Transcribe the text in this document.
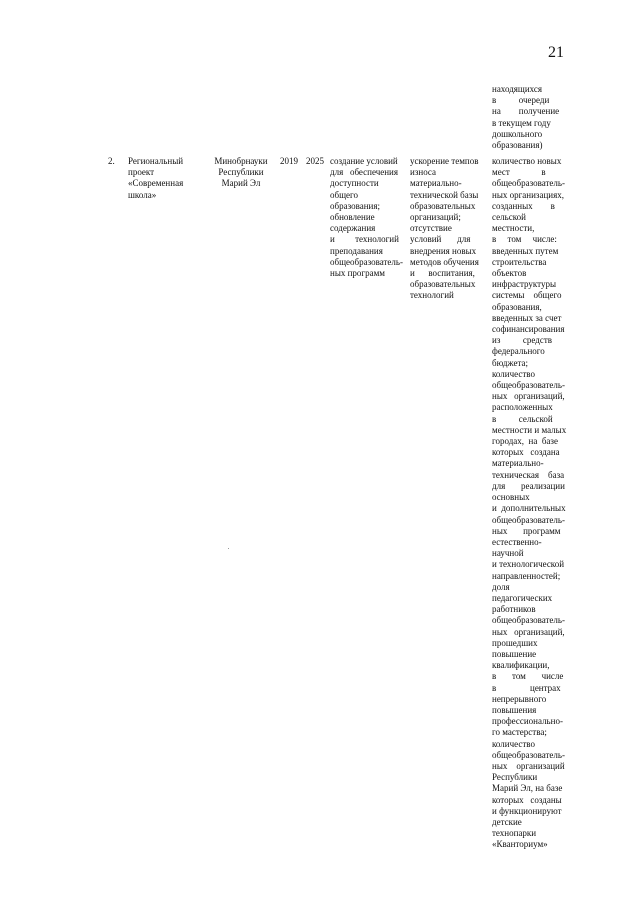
21
находящихся
в          очереди
на        получение
в текущем году
дошкольного
образования)
2. Региональный
проект
«Современная
школа»
Минобрнауки
Республики
Марий Эл
2019 2025 создание условий
для   обеспечения
доступности
общего
образования;
обновление
содержания
и         технологий
преподавания
общеобразователь-
ных программ
ускорение темпов
износа
материально-
технической базы
образовательных
организаций;
отсутствие
условий       для
внедрения новых
методов обучения
и      воспитания,
образовательных
технологий
количество новых
мест              в
общеобразователь-
ных организациях,
созданных        в
сельской
местности,
в     том     числе:
введенных путем
строительства
объектов
инфраструктуры
системы    общего
образования,
введенных за счет
софинансирования
из          средств
федерального
бюджета;
количество
общеобразователь-
ных   организаций,
расположенных
в          сельской
местности и малых
городах,  на  базе
которых   создана
материально-
техническая    база
для       реализации
основных
и  дополнительных
общеобразователь-
ных       программ
естественно-
научной
и технологической
направленностей;
доля
педагогических
работников
общеобразователь-
ных   организаций,
прошедших
повышение
квалификации,
в       том       числе
в               центрах
непрерывного
повышения
профессионально-
го мастерства;
количество
общеобразователь-
ных    организаций
Республики
Марий Эл, на базе
которых   созданы
и функционируют
детские
технопарки
«Кванториум»
